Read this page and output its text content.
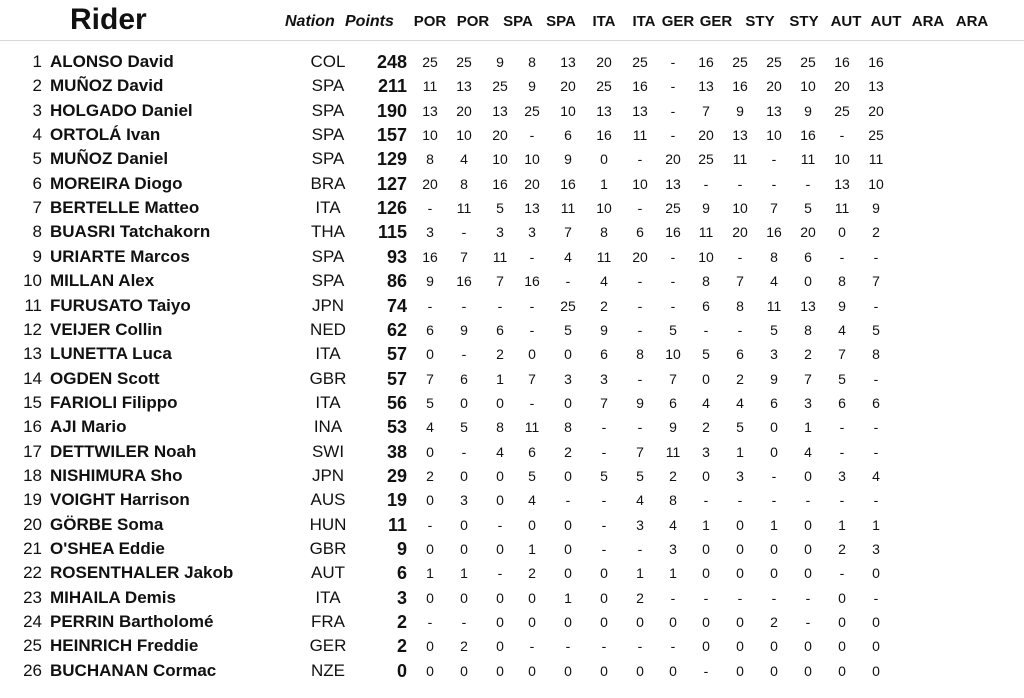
Rider	Nation Points POR POR SPA SPA	ITA	ITA GER GER STY STY AUT AUT ARA ARA
1 ALONSO David	COL	248	25	25	9	8	13	20	25	-	16	25	25	25	16	16
2 MUÑOZ David	SPA	211	11	13	25	9	20	25	16	-	13	16	20	10	20	13
3 HOLGADO Daniel	SPA	190	13	20	13	25	10	13	13	-	7	9	13	9	25	20
4 ORTOLÁ Ivan	SPA	157	10	10	20	-	6	16	11	-	20	13	10	16	-	25
5 MUÑOZ Daniel	SPA	129	8	4	10	10	9	0	-	20	25	11	-	11	10	11
6 MOREIRA Diogo	BRA	127	20	8	16	20	16	1	10	13	-	-	-	-	13	10
7 BERTELLE Matteo	ITA	126	-	11	5	13	11	10	-	25	9	10	7	5	11	9
8 BUASRI Tatchakorn	THA	115	3	-	3	3	7	8	6	16	11	20	16	20	0	2
9 URIARTE Marcos	SPA	93	16	7	11	-	4	11	20	-	10	-	8	6	-	-
10 MILLAN Alex	SPA	86	9	16	7	16	-	4	-	-	8	7	4	0	8	7
11 FURUSATO Taiyo	JPN	74	-	-	-	-	25	2	-	-	6	8	11	13	9	-
12 VEIJER Collin	NED	62	6	9	6	-	5	9	-	5	-	-	5	8	4	5
13 LUNETTA Luca	ITA	57	0	-	2	0	0	6	8	10	5	6	3	2	7	8
14 OGDEN Scott	GBR	57	7	6	1	7	3	3	-	7	0	2	9	7	5	-
15 FARIOLI Filippo	ITA	56	5	0	0	-	0	7	9	6	4	4	6	3	6	6
16 AJI Mario	INA	53	4	5	8	11	8	-	-	9	2	5	0	1	-	-
17 DETTWILER Noah	SWI	38	0	-	4	6	2	-	7	11	3	1	0	4	-	-
18 NISHIMURA Sho	JPN	29	2	0	0	5	0	5	5	2	0	3	-	0	3	4
19 VOIGHT Harrison	AUS	19	0	3	0	4	-	-	4	8	-	-	-	-	-	-
20 GÖRBE Soma	HUN	11	-	0	-	0	0	-	3	4	1	0	1	0	1	1
21 O'SHEA Eddie	GBR	9	0	0	0	1	0	-	-	3	0	0	0	0	2	3
22 ROSENTHALER Jakob	AUT	6	1	1	-	2	0	0	1	1	0	0	0	0	-	0
23 MIHAILA Demis	ITA	3	0	0	0	0	1	0	2	-	-	-	-	-	0	-
24 PERRIN Bartholomé	FRA	2	-	-	0	0	0	0	0	0	0	0	2	-	0	0
25 HEINRICH Freddie	GER	2	0	2	0	-	-	-	-	-	0	0	0	0	0	0
26 BUCHANAN Cormac	NZE	0	0	0	0	0	0	0	0	0	-	0	0	0	0	0
